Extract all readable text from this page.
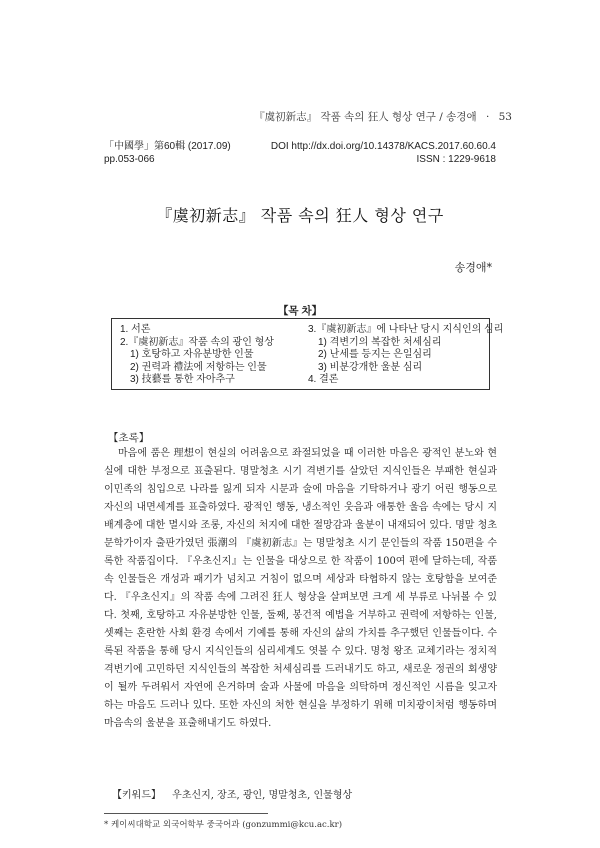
『虞初新志』 작품 속의 狂人 형상 연구 / 송경애 · 53
「中國學」第60輯 (2017.09)	DOI http://dx.doi.org/10.14378/KACS.2017.60.60.4
pp.053-066	ISSN : 1229-9618
『虞初新志』 작품 속의 狂人 형상 연구
송경애*
【목 차】
1. 서론
2.『虞初新志』작품 속의 광인 형상
1) 호탕하고 자유분방한 인물
2) 권력과 禮法에 저항하는 인물
3) 技藝를 통한 자아추구
3.『虞初新志』에 나타난 당시 지식인의 심리
1) 격변기의 복잡한 처세심리
2) 난세를 등지는 은일심리
3) 비분강개한 울분 심리
4. 결론
【초록】
마음에 품은 理想이 현실의 어려움으로 좌절되었을 때 이러한 마음은 광적인 분노와 현실에 대한 부정으로 표출된다. 명말청초 시기 격변기를 살았던 지식인들은 부패한 현실과 이민족의 침입으로 나라를 잃게 되자 시문과 술에 마음을 기탁하거나 광기 어린 행동으로 자신의 내면세계를 표출하였다. 광적인 행동, 냉소적인 웃음과 애통한 울음 속에는 당시 지배계층에 대한 멸시와 조롱, 자신의 처지에 대한 절망감과 울분이 내재되어 있다. 명말 청초 문학가이자 출판가였던 張潮의 『虞初新志』는 명말청초 시기 문인들의 작품 150편을 수록한 작품집이다. 『우초신지』는 인물을 대상으로 한 작품이 100여 편에 달하는데, 작품 속 인물들은 개성과 패기가 넘치고 거침이 없으며 세상과 타협하지 않는 호탕함을 보여준다. 『우초신지』의 작품 속에 그려진 狂人 형상을 살펴보면 크게 세 부류로 나뉘볼 수 있다. 첫째, 호탕하고 자유분방한 인물, 둘째, 봉건적 예법을 거부하고 권력에 저항하는 인물, 셋째는 혼란한 사회 환경 속에서 기예를 통해 자신의 삶의 가치를 추구했던 인물들이다. 수록된 작품을 통해 당시 지식인들의 심리세계도 엿볼 수 있다. 명청 왕조 교체기라는 정치적 격변기에 고민하던 지식인들의 복잡한 처세심리를 드러내기도 하고, 새로운 정권의 회생양이 될까 두려워서 자연에 은거하며 술과 사물에 마음을 의탁하며 정신적인 시름을 잊고자 하는 마음도 드러나 있다. 또한 자신의 처한 현실을 부정하기 위해 미치광이처럼 행동하며 마음속의 울분을 표출해내기도 하였다.
【키워드】 우초신지, 장조, 광인, 명말청초, 인물형상
* 케이씨대학교 외국어학부 중국어과 (gonzummi@kcu.ac.kr)
